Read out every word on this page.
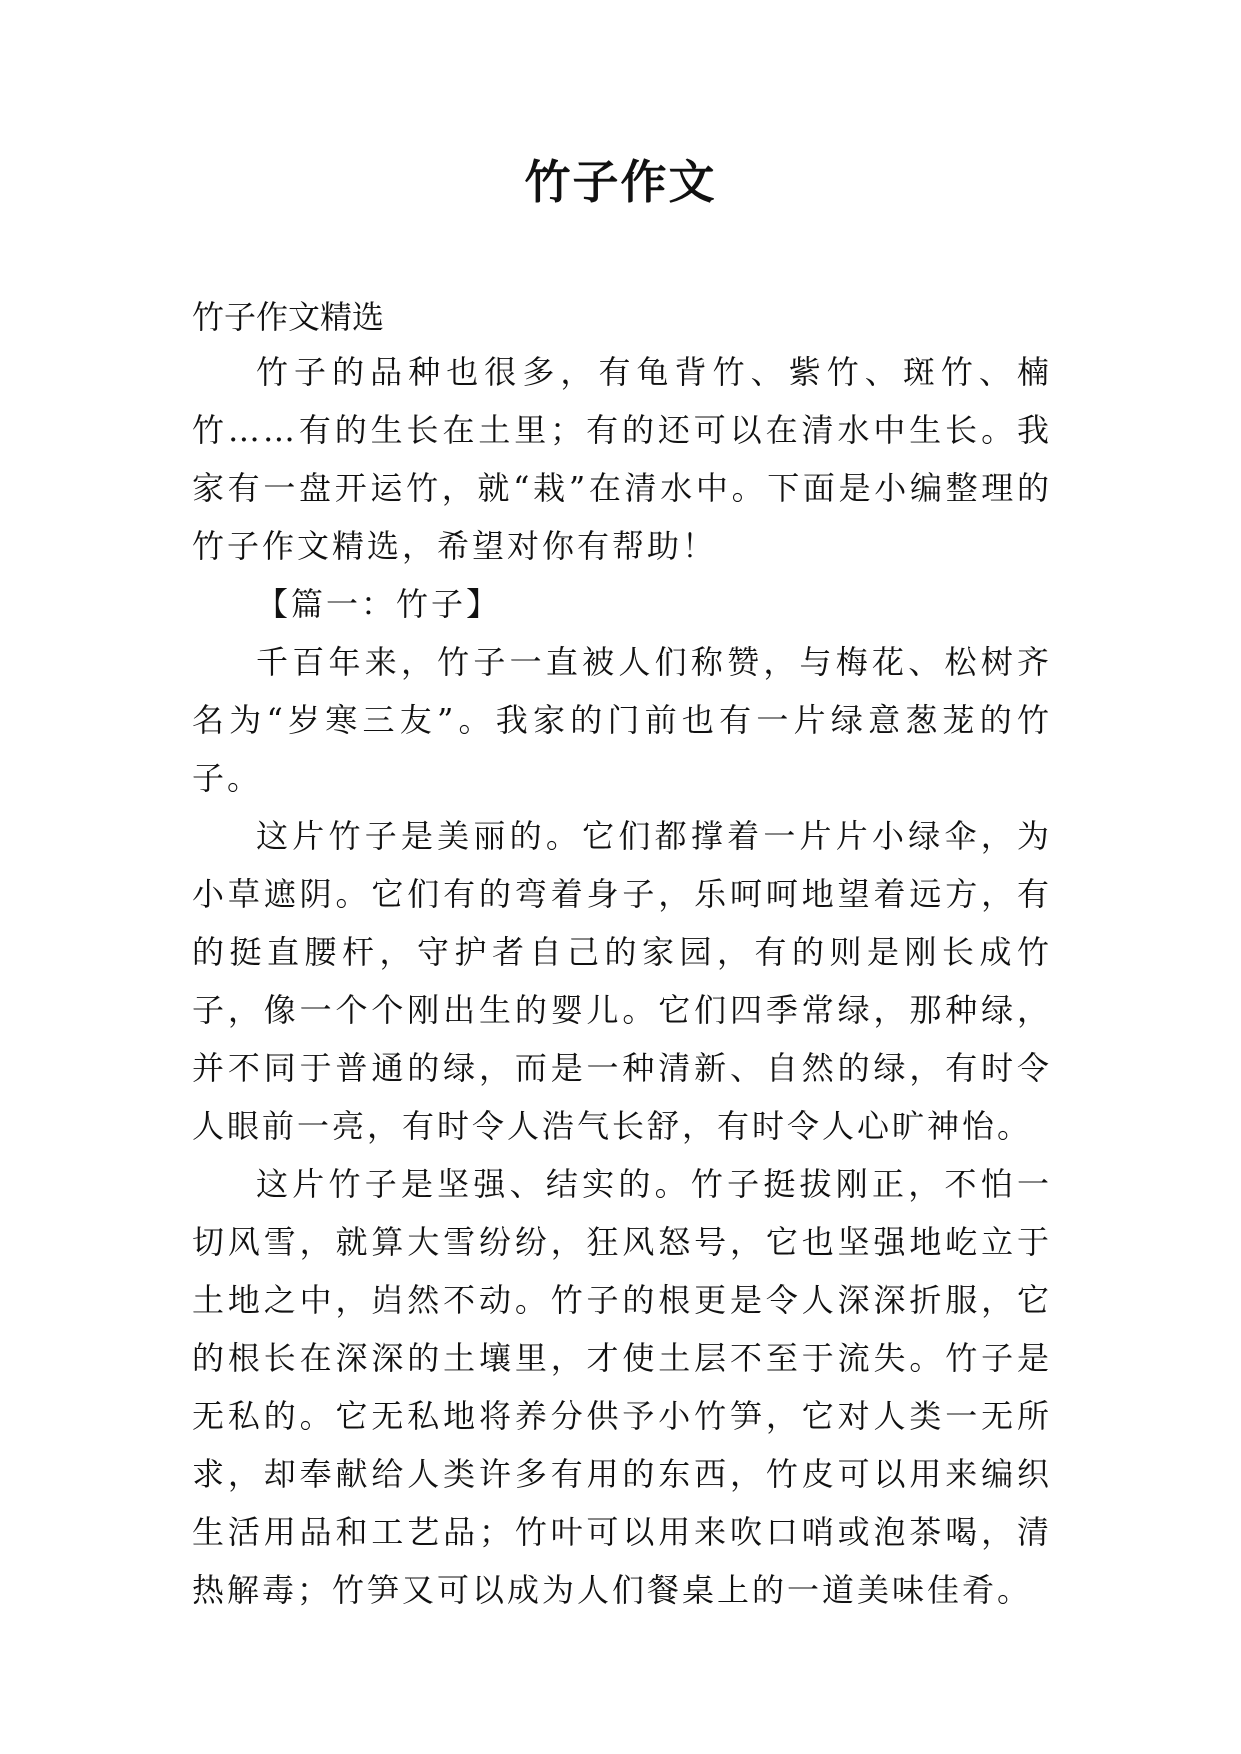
竹子作文
竹子作文精选

竹子的品种也很多，有龟背竹、紫竹、斑竹、楠竹……有的生长在土里；有的还可以在清水中生长。我家有一盘开运竹，就“栽”在清水中。下面是小编整理的竹子作文精选，希望对你有帮助！

【篇一：竹子】

千百年来，竹子一直被人们称赞，与梅花、松树齐名为“岁寒三友”。我家的门前也有一片绿意葱茏的竹子。

这片竹子是美丽的。它们都撑着一片片小绿伞，为小草遮阴。它们有的弯着身子，乐呵呵地望着远方，有的挺直腰杆，守护者自己的家园，有的则是刚长成竹子，像一个个刚出生的婴儿。它们四季常绿，那种绿，并不同于普通的绿，而是一种清新、自然的绿，有时令人眼前一亮，有时令人浩气长舒，有时令人心旷神怡。

这片竹子是坚强、结实的。竹子挺拔刚正，不怕一切风雪，就算大雪纷纷，狂风怒号，它也坚强地屹立于土地之中，岿然不动。竹子的根更是令人深深折服，它的根长在深深的土壤里，才使土层不至于流失。竹子是无私的。它无私地将养分供予小竹笋，它对人类一无所求，却奉献给人类许多有用的东西，竹皮可以用来编织生活用品和工艺品；竹叶可以用来吹口哨或泡茶喝，清热解毒；竹笋又可以成为人们餐桌上的一道美味佳肴。
